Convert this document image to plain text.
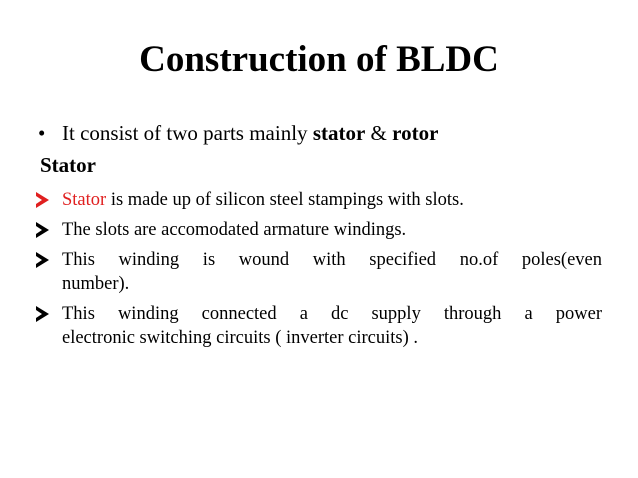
Construction of BLDC
• It consist of two parts mainly stator & rotor
Stator
Stator is made up of silicon steel stampings with slots.
The slots are accomodated armature windings.
This winding is wound with specified no.of poles(even
number).
This winding connected a dc supply through a power
electronic switching circuits ( inverter circuits) .
